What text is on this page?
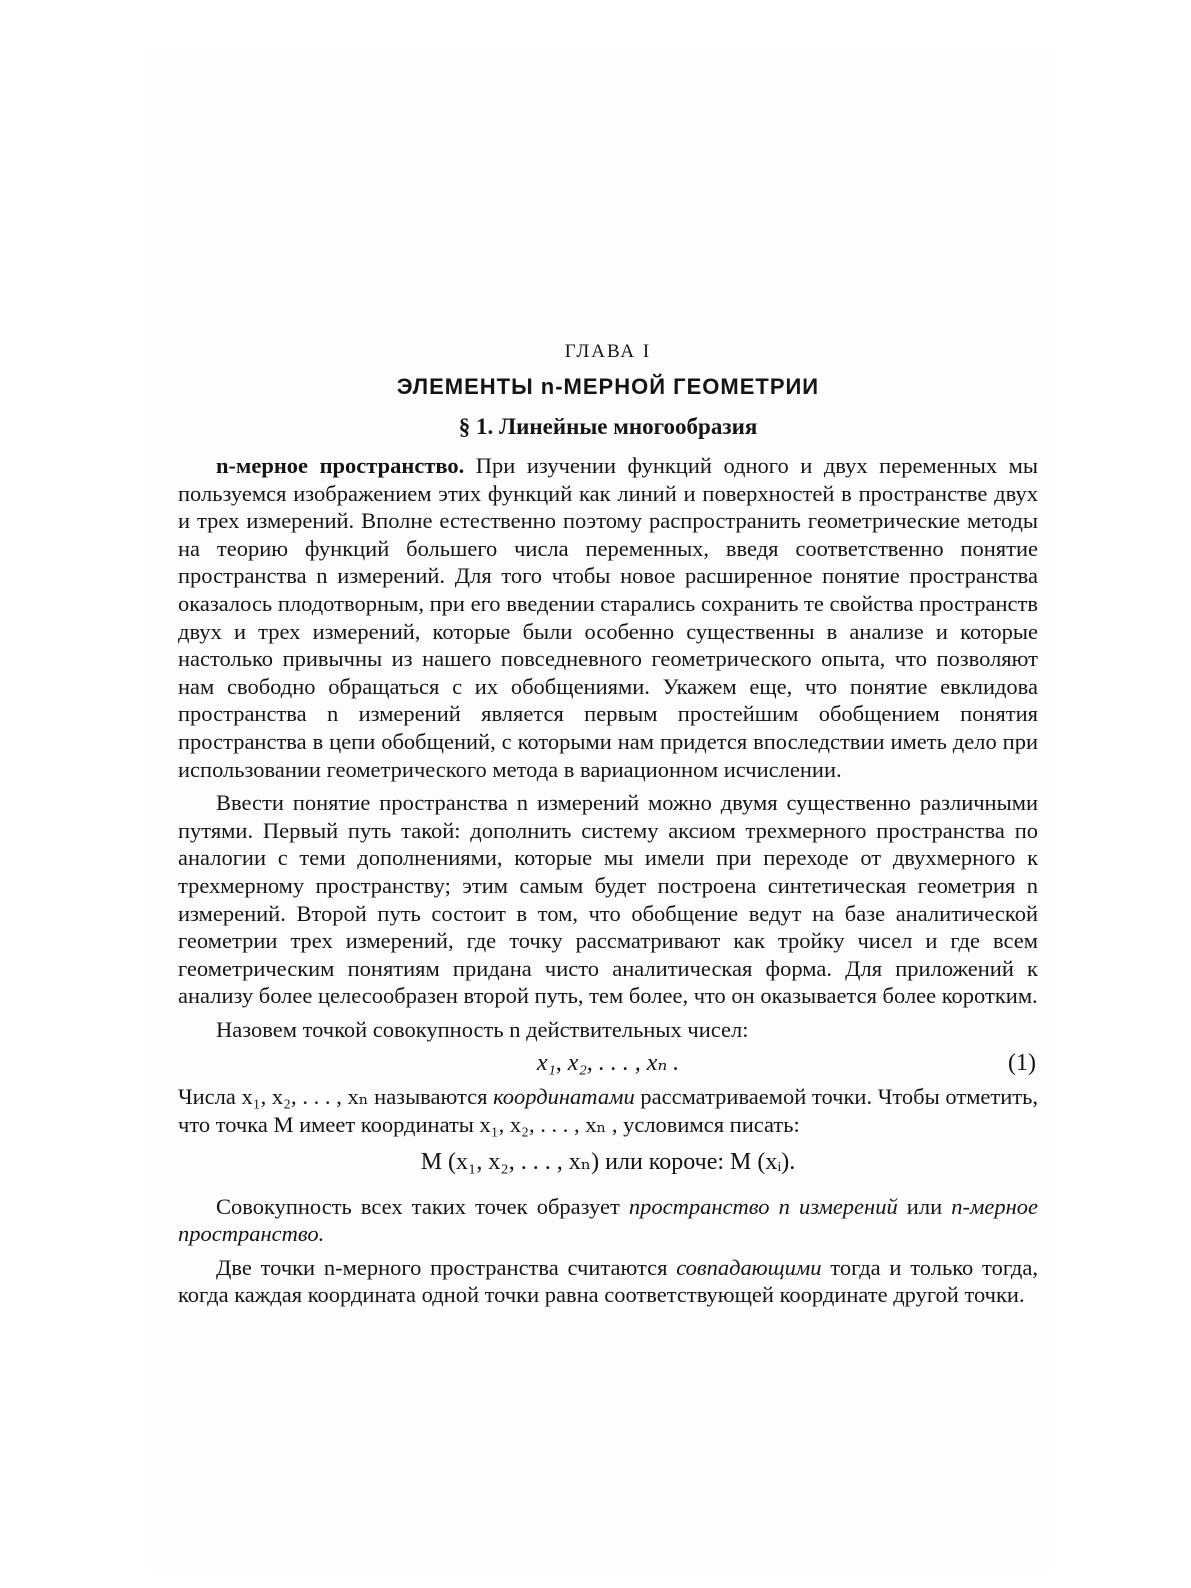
ГЛАВА I
ЭЛЕМЕНТЫ n-МЕРНОЙ ГЕОМЕТРИИ
§ 1. Линейные многообразия

n-мерное пространство. При изучении функций одного и двух переменных мы пользуемся изображением этих функций как линий и поверхностей в пространстве двух и трех измерений. Вполне естественно поэтому распространить геометрические методы на теорию функций большего числа переменных, введя соответственно понятие пространства n измерений. Для того чтобы новое расширенное понятие пространства оказалось плодотворным, при его введении старались сохранить те свойства пространств двух и трех измерений, которые были особенно существенны в анализе и которые настолько привычны из нашего повседневного геометрического опыта, что позволяют нам свободно обращаться с их обобщениями. Укажем еще, что понятие евклидова пространства n измерений является первым простейшим обобщением понятия пространства в цепи обобщений, с которыми нам придется впоследствии иметь дело при использовании геометрического метода в вариационном исчислении.

Ввести понятие пространства n измерений можно двумя существенно различными путями. Первый путь такой: дополнить систему аксиом трехмерного пространства по аналогии с теми дополнениями, которые мы имели при переходе от двухмерного к трехмерному пространству; этим самым будет построена синтетическая геометрия n измерений. Второй путь состоит в том, что обобщение ведут на базе аналитической геометрии трех измерений, где точку рассматривают как тройку чисел и где всем геометрическим понятиям придана чисто аналитическая форма. Для приложений к анализу более целесообразен второй путь, тем более, что он оказывается более коротким.

Назовем точкой совокупность n действительных чисел:

x₁, x₂, . . . , xₙ .	(1)

Числа x₁, x₂, . . . , xₙ называются координатами рассматриваемой точки. Чтобы отметить, что точка M имеет координаты x₁, x₂, . . . , xₙ , условимся писать:

M (x₁, x₂, . . . , xₙ) или короче: M (xᵢ).

Совокупность всех таких точек образует пространство n измерений или n-мерное пространство.

Две точки n-мерного пространства считаются совпадающими тогда и только тогда, когда каждая координата одной точки равна соответствующей координате другой точки.
